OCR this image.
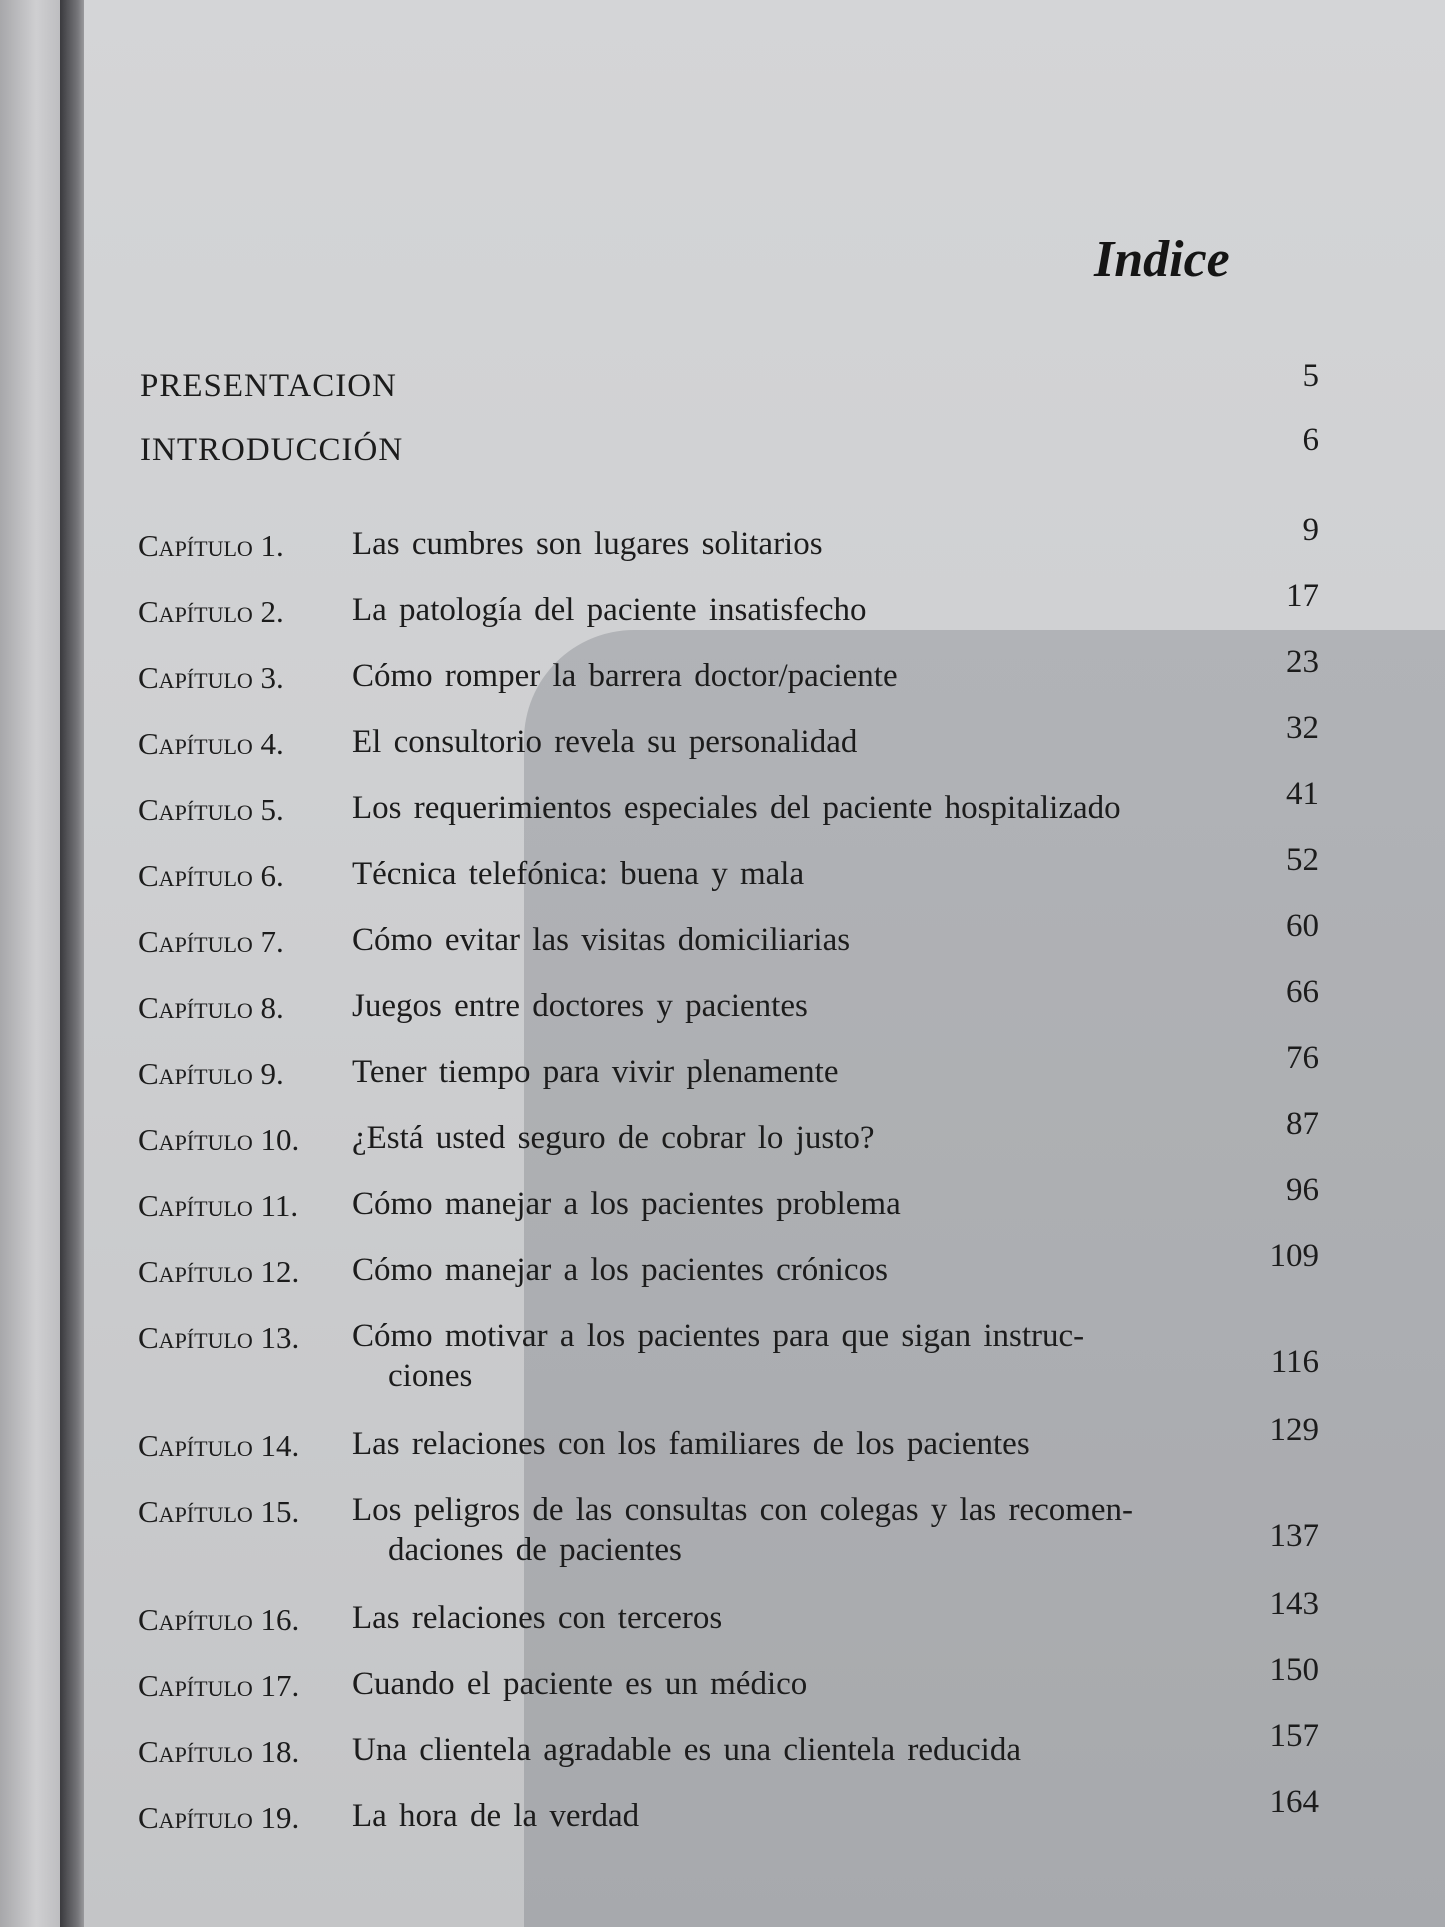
Indice
PRESENTACION	5
INTRODUCCIÓN	6
Capítulo 1. Las cumbres son lugares solitarios	9
Capítulo 2. La patología del paciente insatisfecho	17
Capítulo 3. Cómo romper la barrera doctor/paciente	23
Capítulo 4. El consultorio revela su personalidad	32
Capítulo 5. Los requerimientos especiales del paciente hospitalizado	41
Capítulo 6. Técnica telefónica: buena y mala	52
Capítulo 7. Cómo evitar las visitas domiciliarias	60
Capítulo 8. Juegos entre doctores y pacientes	66
Capítulo 9. Tener tiempo para vivir plenamente	76
Capítulo 10. ¿Está usted seguro de cobrar lo justo?	87
Capítulo 11. Cómo manejar a los pacientes problema	96
Capítulo 12. Cómo manejar a los pacientes crónicos	109
Capítulo 13. Cómo motivar a los pacientes para que sigan instruc-
ciones	116
Capítulo 14. Las relaciones con los familiares de los pacientes	129
Capítulo 15. Los peligros de las consultas con colegas y las recomen-
daciones de pacientes	137
Capítulo 16. Las relaciones con terceros	143
Capítulo 17. Cuando el paciente es un médico	150
Capítulo 18. Una clientela agradable es una clientela reducida	157
Capítulo 19. La hora de la verdad	164
